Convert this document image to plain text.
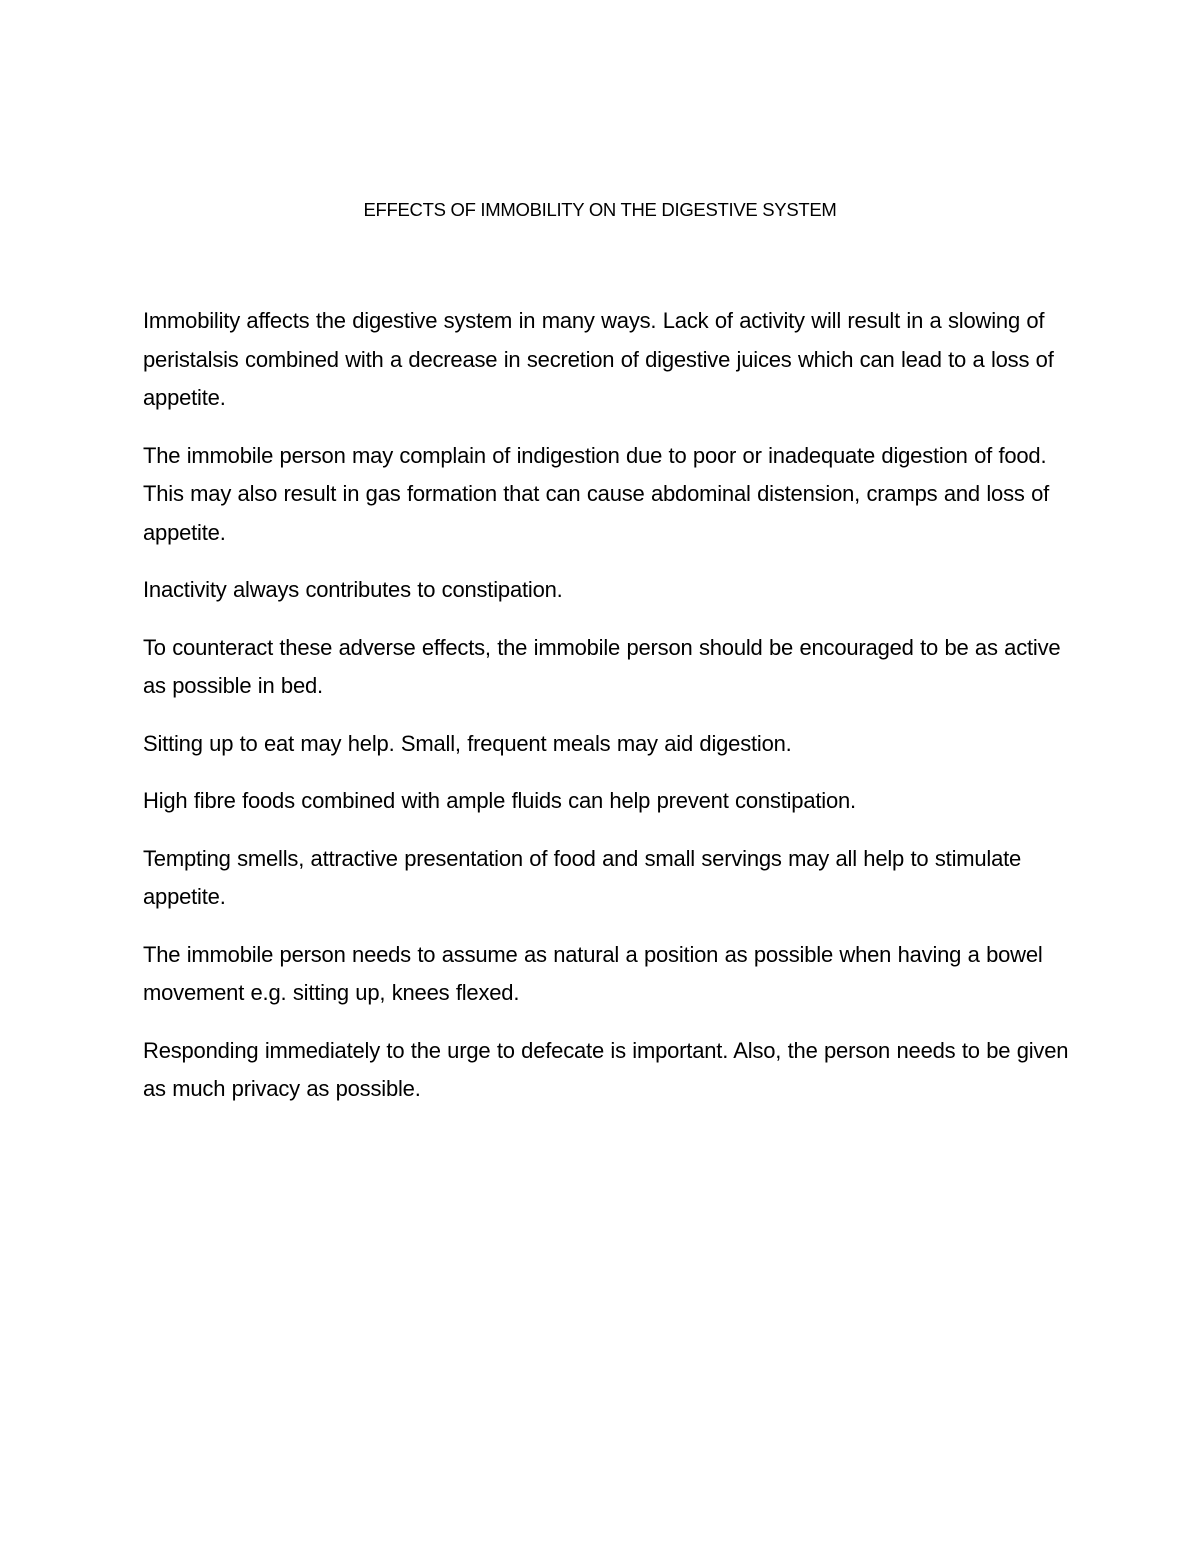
EFFECTS OF IMMOBILITY ON THE DIGESTIVE SYSTEM

Immobility affects the digestive system in many ways. Lack of activity will result in a slowing of peristalsis combined with a decrease in secretion of digestive juices which can lead to a loss of appetite.

The immobile person may complain of indigestion due to poor or inadequate digestion of food. This may also result in gas formation that can cause abdominal distension, cramps and loss of appetite.

Inactivity always contributes to constipation.

To counteract these adverse effects, the immobile person should be encouraged to be as active as possible in bed.

Sitting up to eat may help. Small, frequent meals may aid digestion.

High fibre foods combined with ample fluids can help prevent constipation.

Tempting smells, attractive presentation of food and small servings may all help to stimulate appetite.

The immobile person needs to assume as natural a position as possible when having a bowel movement e.g. sitting up, knees flexed.

Responding immediately to the urge to defecate is important. Also, the person needs to be given as much privacy as possible.
